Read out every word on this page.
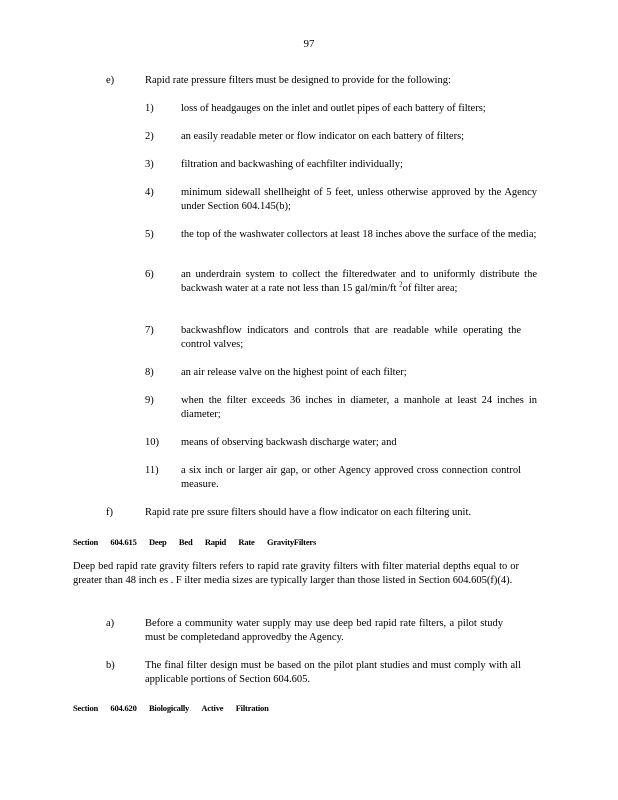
97
e)	Rapid rate pressure filters must be designed to provide for the following:
1)	loss of headgauges on the inlet and outlet pipes of each battery of filters;
2)	an easily readable meter or flow indicator on each battery of filters;
3)	filtration and backwashing of eachfilter individually;
4)	minimum sidewall shellheight of 5 feet, unless otherwise approved by the Agency under Section 604.145(b);
5)	the top of the washwater collectors at least 18 inches above the surface of the media;
6)	an underdrain system to collect the filteredwater and to uniformly distribute the backwash water at a rate not less than 15 gal/min/ft $^2$of filter area;
7)	backwashflow indicators and controls that are readable while operating the control valves;
8)	an air release valve on the highest point of each filter;
9)	when the filter exceeds 36 inches in diameter, a manhole at least 24 inches in diameter;
10) means of observing backwash discharge water; and
11) a six inch or larger air gap, or other Agency approved cross connection control measure.
f)	Rapid rate pre ssure filters should have a flow indicator on each filtering unit.
Section  604.615  Deep  Bed  Rapid  Rate  GravityFilters
Deep bed rapid rate gravity filters refers to rapid rate gravity filters with filter material depths equal to or greater than 48 inch es . F ilter media sizes are typically larger than those listed in Section 604.605(f)(4).
a)	Before a community water supply may use deep bed rapid rate filters, a pilot study must be completedand approvedby the Agency.
b)	The final filter design must be based on the pilot plant studies and must comply with all applicable portions of Section 604.605.
Section  604.620  Biologically  Active  Filtration
